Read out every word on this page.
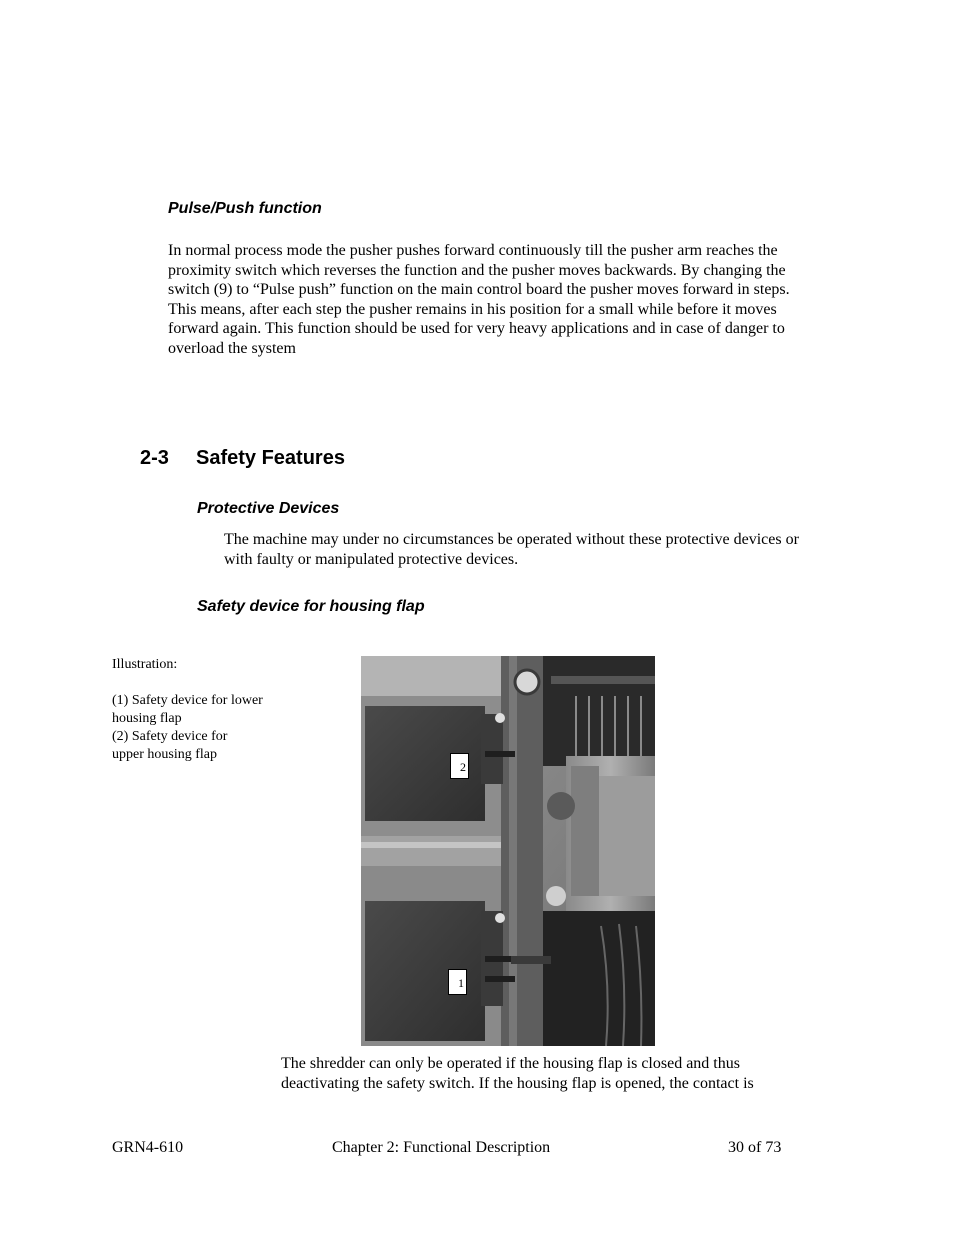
Pulse/Push function
In normal process mode the pusher pushes forward continuously till the pusher arm reaches the
proximity switch which reverses the function and the pusher moves backwards. By changing the
switch (9) to “Pulse push” function on the main control board the pusher moves forward in steps.
This means, after each step the pusher remains in his position for a small while before it moves
forward again. This function should be used for very heavy applications and in case of danger to
overload the system
2-3 Safety Features
Protective Devices
The machine may under no circumstances be operated without these protective devices or
with faulty or manipulated protective devices.
Safety device for housing flap
Illustration:
(1) Safety device for lower
housing flap
(2) Safety device for
upper housing flap
2
1
The shredder can only be operated if the housing flap is closed and thus
deactivating the safety switch. If the housing flap is opened, the contact is
GRN4-610	Chapter 2: Functional Description	30 of 73
